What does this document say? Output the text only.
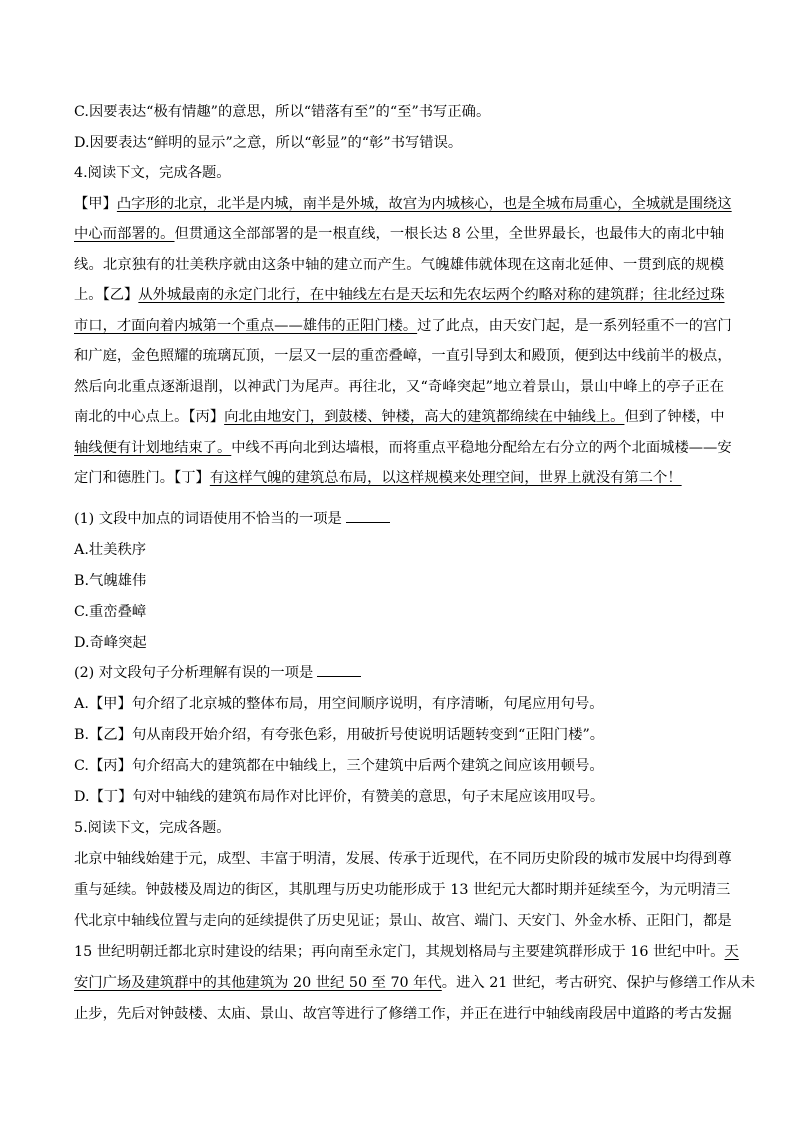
C.因要表达“极有情趣”的意思，所以“错落有至”的“至”书写正确。
D.因要表达“鲜明的显示”之意，所以“彰显”的“彰”书写错误。
4.阅读下文，完成各题。
【甲】凸字形的北京，北半是内城，南半是外城，故宫为内城核心，也是全城布局重心，全城就是围绕这
中心而部署的。但贯通这全部部署的是一根直线，一根长达 8 公里，全世界最长，也最伟大的南北中轴
线。北京独有的壮美秩序就由这条中轴的建立而产生。气魄雄伟就体现在这南北延伸、一贯到底的规模
上。【乙】从外城最南的永定门北行，在中轴线左右是天坛和先农坛两个约略对称的建筑群；往北经过珠
市口，才面向着内城第一个重点——雄伟的正阳门楼。过了此点，由天安门起，是一系列轻重不一的宫门
和广庭，金色照耀的琉璃瓦顶，一层又一层的重峦叠嶂，一直引导到太和殿顶，便到达中线前半的极点，
然后向北重点逐渐退削，以神武门为尾声。再往北，又“奇峰突起”地立着景山，景山中峰上的亭子正在
南北的中心点上。【丙】向北由地安门，到鼓楼、钟楼，高大的建筑都绵续在中轴线上。但到了钟楼，中
轴线便有计划地结束了。中线不再向北到达墙根，而将重点平稳地分配给左右分立的两个北面城楼——安
定门和德胜门。【丁】有这样气魄的建筑总布局，以这样规模来处理空间，世界上就没有第二个！
(1) 文段中加点的词语使用不恰当的一项是
A.壮美秩序
B.气魄雄伟
C.重峦叠嶂
D.奇峰突起
(2) 对文段句子分析理解有误的一项是
A.【甲】句介绍了北京城的整体布局，用空间顺序说明，有序清晰，句尾应用句号。
B.【乙】句从南段开始介绍，有夸张色彩，用破折号使说明话题转变到“正阳门楼”。
C.【丙】句介绍高大的建筑都在中轴线上，三个建筑中后两个建筑之间应该用顿号。
D.【丁】句对中轴线的建筑布局作对比评价，有赞美的意思，句子末尾应该用叹号。
5.阅读下文，完成各题。
北京中轴线始建于元，成型、丰富于明清，发展、传承于近现代，在不同历史阶段的城市发展中均得到尊
重与延续。钟鼓楼及周边的街区，其肌理与历史功能形成于 13 世纪元大都时期并延续至今，为元明清三
代北京中轴线位置与走向的延续提供了历史见证；景山、故宫、端门、天安门、外金水桥、正阳门，都是
15 世纪明朝迁都北京时建设的结果；再向南至永定门，其规划格局与主要建筑群形成于 16 世纪中叶。天
安门广场及建筑群中的其他建筑为 20 世纪 50 至 70 年代。进入 21 世纪，考古研究、保护与修缮工作从未
止步，先后对钟鼓楼、太庙、景山、故宫等进行了修缮工作，并正在进行中轴线南段居中道路的考古发掘
